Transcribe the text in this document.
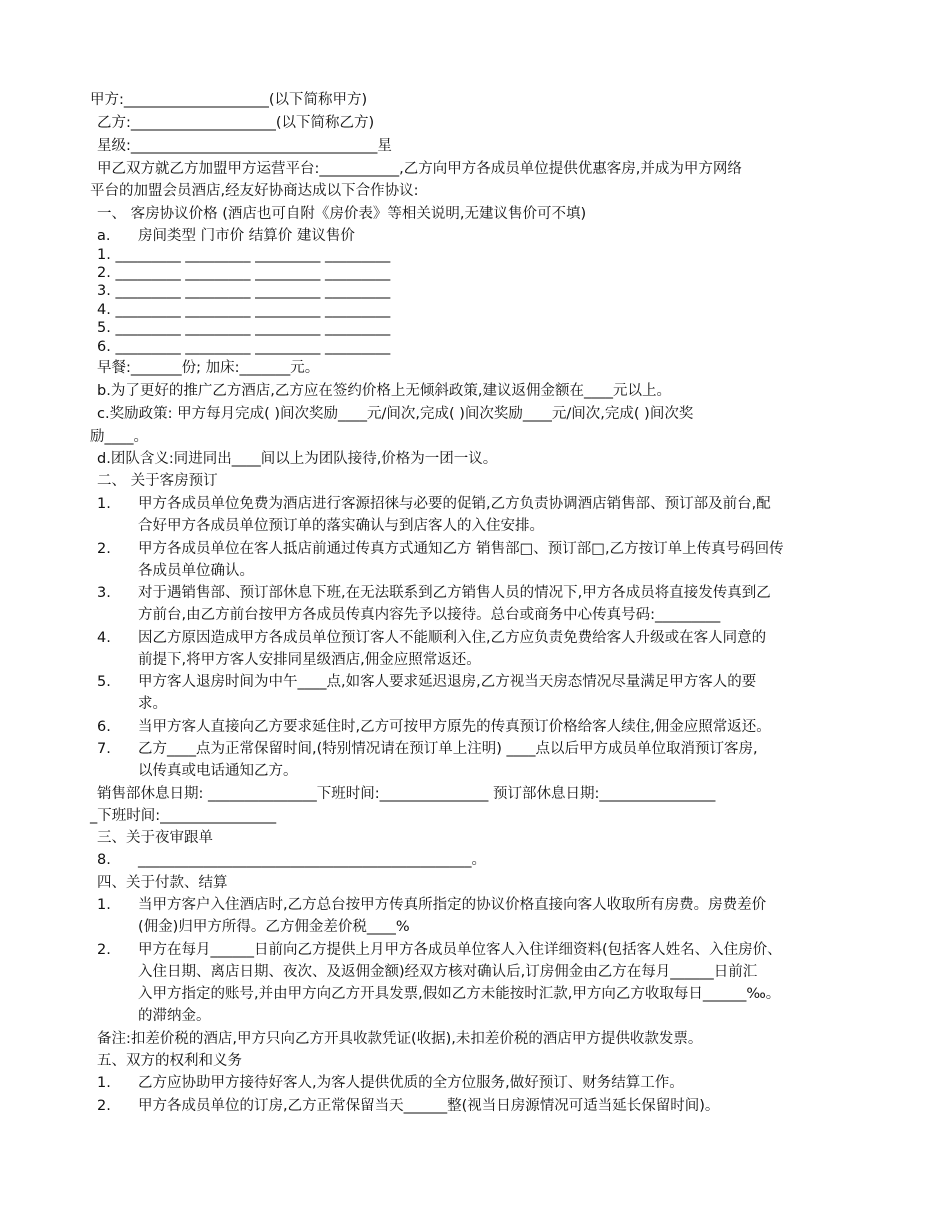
甲方:____________________(以下简称甲方)
乙方:____________________(以下简称乙方)
星级:__________________________________星
甲乙双方就乙方加盟甲方运营平台:___________,乙方向甲方各成员单位提供优惠客房,并成为甲方网络
平台的加盟会员酒店,经友好协商达成以下合作协议:
一、 客房协议价格 (酒店也可自附《房价表》等相关说明,无建议售价可不填)
a. 房间类型 门市价 结算价 建议售价
1. _________ _________ _________ _________
2. _________ _________ _________ _________
3. _________ _________ _________ _________
4. _________ _________ _________ _________
5. _________ _________ _________ _________
6. _________ _________ _________ _________
早餐:_______份; 加床:_______元。
b.为了更好的推广乙方酒店,乙方应在签约价格上无倾斜政策,建议返佣金额在____元以上。
c.奖励政策: 甲方每月完成( )间次奖励____元/间次,完成( )间次奖励____元/间次,完成( )间次奖
励____。
d.团队含义:同进同出____间以上为团队接待,价格为一团一议。
二、 关于客房预订
1. 甲方各成员单位免费为酒店进行客源招徕与必要的促销,乙方负责协调酒店销售部、预订部及前台,配
合好甲方各成员单位预订单的落实确认与到店客人的入住安排。
2. 甲方各成员单位在客人抵店前通过传真方式通知乙方 销售部□、预订部□,乙方按订单上传真号码回传
各成员单位确认。
3. 对于遇销售部、预订部休息下班,在无法联系到乙方销售人员的情况下,甲方各成员将直接发传真到乙
方前台,由乙方前台按甲方各成员传真内容先予以接待。总台或商务中心传真号码:_________
4. 因乙方原因造成甲方各成员单位预订客人不能顺利入住,乙方应负责免费给客人升级或在客人同意的
前提下,将甲方客人安排同星级酒店,佣金应照常返还。
5. 甲方客人退房时间为中午____点,如客人要求延迟退房,乙方视当天房态情况尽量满足甲方客人的要
求。
6. 当甲方客人直接向乙方要求延住时,乙方可按甲方原先的传真预订价格给客人续住,佣金应照常返还。
7. 乙方____点为正常保留时间,(特别情况请在预订单上注明) ____点以后甲方成员单位取消预订客房,
以传真或电话通知乙方。
销售部休息日期: _______________下班时间:_______________ 预订部休息日期:________________
_下班时间:________________
三、关于夜审跟单
8. ______________________________________________。
四、关于付款、结算
1. 当甲方客户入住酒店时,乙方总台按甲方传真所指定的协议价格直接向客人收取所有房费。房费差价
(佣金)归甲方所得。乙方佣金差价税____%
2. 甲方在每月______日前向乙方提供上月甲方各成员单位客人入住详细资料(包括客人姓名、入住房价、
入住日期、离店日期、夜次、及返佣金额)经双方核对确认后,订房佣金由乙方在每月______日前汇
入甲方指定的账号,并由甲方向乙方开具发票,假如乙方未能按时汇款,甲方向乙方收取每日______‰。
的滞纳金。
备注:扣差价税的酒店,甲方只向乙方开具收款凭证(收据),未扣差价税的酒店甲方提供收款发票。
五、双方的权利和义务
1. 乙方应协助甲方接待好客人,为客人提供优质的全方位服务,做好预订、财务结算工作。
2. 甲方各成员单位的订房,乙方正常保留当天______整(视当日房源情况可适当延长保留时间)。
